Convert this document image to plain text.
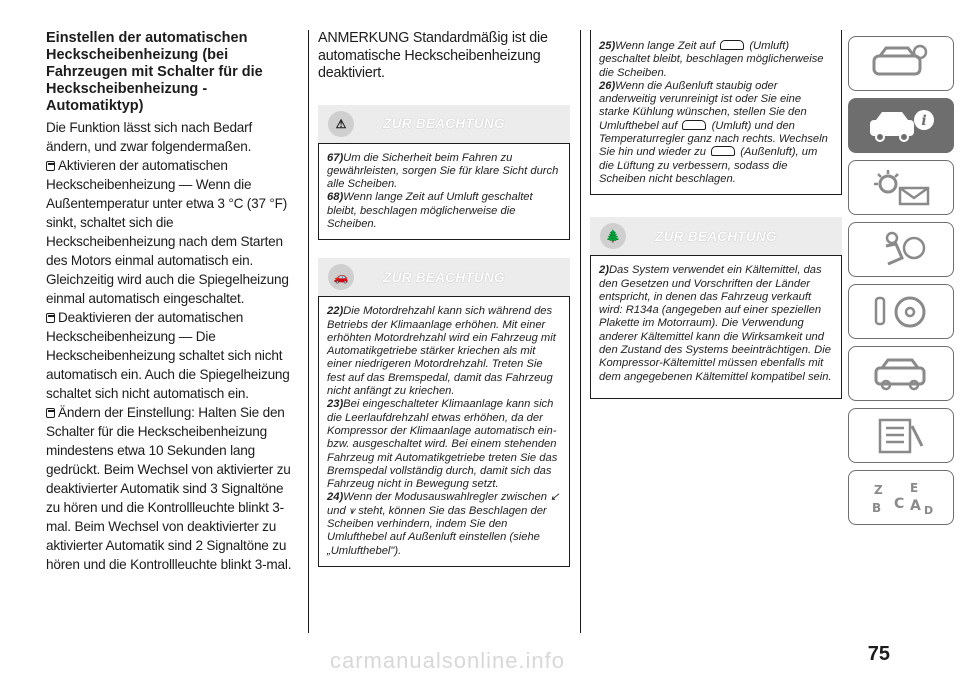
Einstellen der automatischen Heckscheibenheizung (bei Fahrzeugen mit Schalter für die Heckscheibenheizung - Automatiktyp)
Die Funktion lässt sich nach Bedarf ändern, und zwar folgendermaßen.
Aktivieren der automatischen Heckscheibenheizung — Wenn die Außentemperatur unter etwa 3 °C (37 °F) sinkt, schaltet sich die Heckscheibenheizung nach dem Starten des Motors einmal automatisch ein. Gleichzeitig wird auch die Spiegelheizung einmal automatisch eingeschaltet.
Deaktivieren der automatischen Heckscheibenheizung — Die Heckscheibenheizung schaltet sich nicht automatisch ein. Auch die Spiegelheizung schaltet sich nicht automatisch ein.
Ändern der Einstellung: Halten Sie den Schalter für die Heckscheibenheizung mindestens etwa 10 Sekunden lang gedrückt. Beim Wechsel von aktivierter zu deaktivierter Automatik sind 3 Signaltöne zu hören und die Kontrollleuchte blinkt 3-mal. Beim Wechsel von deaktivierter zu aktivierter Automatik sind 2 Signaltöne zu hören und die Kontrollleuchte blinkt 3-mal.
ANMERKUNG Standardmäßig ist die automatische Heckscheibenheizung deaktiviert.
⚠	ZUR BEACHTUNG
67)Um die Sicherheit beim Fahren zu gewährleisten, sorgen Sie für klare Sicht durch alle Scheiben.
68)Wenn lange Zeit auf Umluft geschaltet bleibt, beschlagen möglicherweise die Scheiben.
🚗	ZUR BEACHTUNG
22)Die Motordrehzahl kann sich während des Betriebs der Klimaanlage erhöhen. Mit einer erhöhten Motordrehzahl wird ein Fahrzeug mit Automatikgetriebe stärker kriechen als mit einer niedrigeren Motordrehzahl. Treten Sie fest auf das Bremspedal, damit das Fahrzeug nicht anfängt zu kriechen.
23)Bei eingeschalteter Klimaanlage kann sich die Leerlaufdrehzahl etwas erhöhen, da der Kompressor der Klimaanlage automatisch ein- bzw. ausgeschaltet wird. Bei einem stehenden Fahrzeug mit Automatikgetriebe treten Sie das Bremspedal vollständig durch, damit sich das Fahrzeug nicht in Bewegung setzt.
24)Wenn der Modusauswahlregler zwischen ↙ und ⩛ steht, können Sie das Beschlagen der Scheiben verhindern, indem Sie den Umlufthebel auf Außenluft einstellen (siehe „Umlufthebel").
25)Wenn lange Zeit auf	(Umluft) geschaltet bleibt, beschlagen möglicherweise die Scheiben.
26)Wenn die Außenluft staubig oder anderweitig verunreinigt ist oder Sie eine starke Kühlung wünschen, stellen Sie den Umlufthebel auf	(Umluft) und den Temperaturregler ganz nach rechts. Wechseln Sie hin und wieder zu	(Außenluft), um die Lüftung zu verbessern, sodass die Scheiben nicht beschlagen.
🌲	ZUR BEACHTUNG
2)Das System verwendet ein Kältemittel, das den Gesetzen und Vorschriften der Länder entspricht, in denen das Fahrzeug verkauft wird: R134a (angegeben auf einer speziellen Plakette im Motorraum). Die Verwendung anderer Kältemittel kann die Wirksamkeit und den Zustand des Systems beeinträchtigen. Die Kompressor-Kältemittel müssen ebenfalls mit dem angegebenen Kältemittel kompatibel sein.
i
Z E
B C A D
75
carmanualsonline.info
